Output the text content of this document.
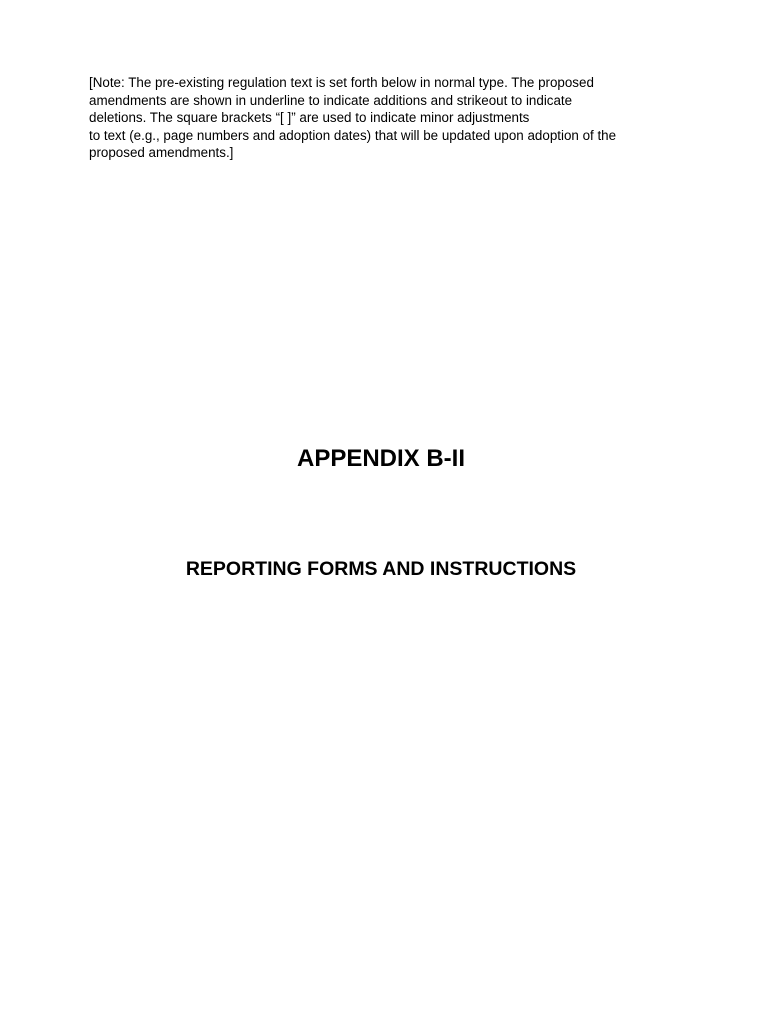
[Note: The pre-existing regulation text is set forth below in normal type. The proposed
amendments are shown in underline to indicate additions and strikeout to indicate
deletions. The square brackets “[ ]” are used to indicate minor adjustments
to text (e.g., page numbers and adoption dates) that will be updated upon adoption of the
proposed amendments.]
APPENDIX B-II
REPORTING FORMS AND INSTRUCTIONS
